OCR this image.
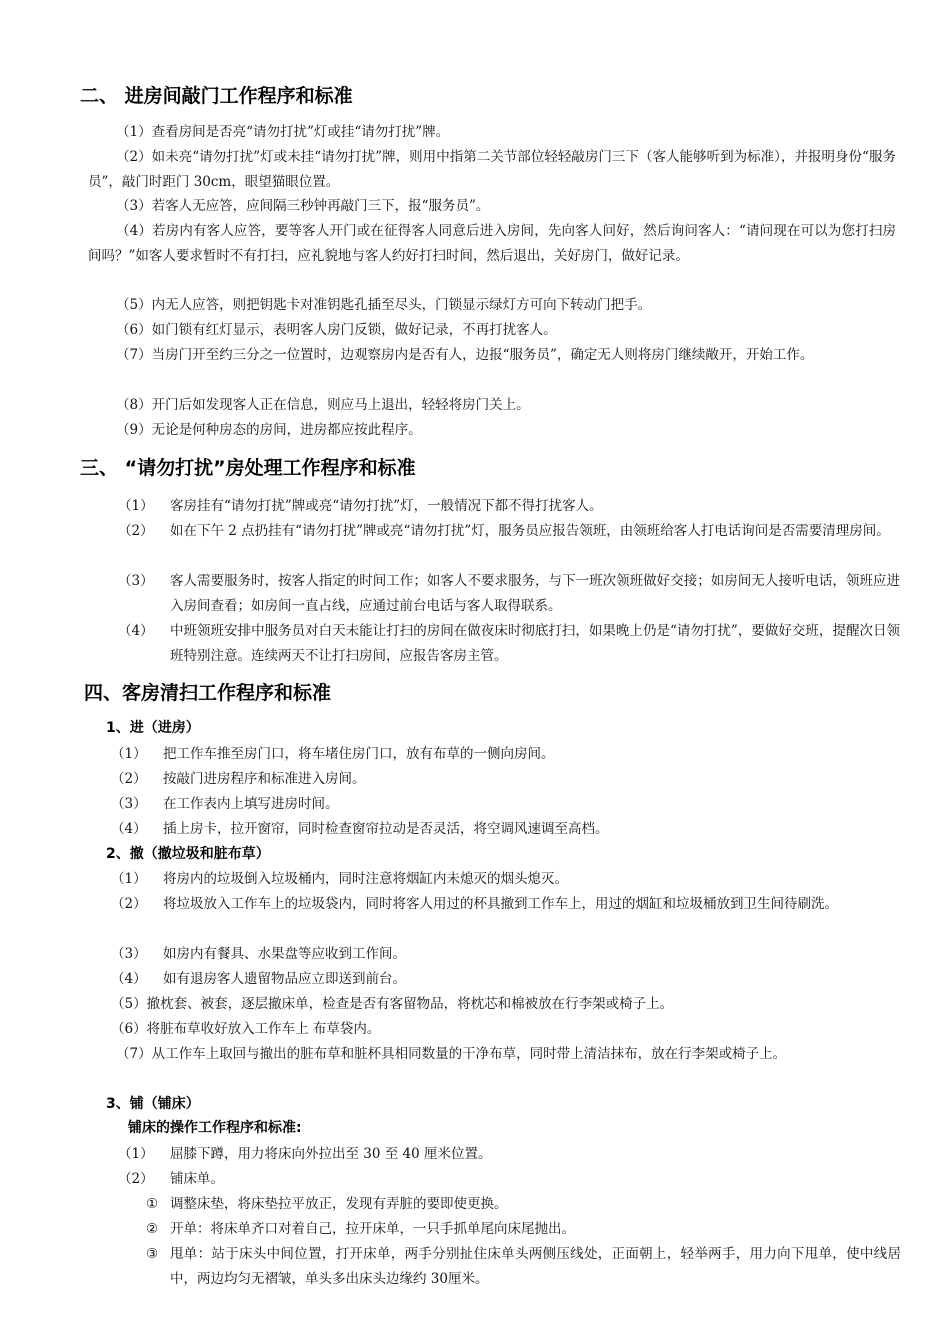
二、 进房间敲门工作程序和标准
（1）查看房间是否亮“请勿打扰”灯或挂“请勿打扰”牌。
（2）如未亮“请勿打扰”灯或未挂“请勿打扰”牌，则用中指第二关节部位轻轻敲房门三下（客人能够听到为标准），并报明身份“服务员”，敲门时距门 30cm，眼望猫眼位置。
（3）若客人无应答，应间隔三秒钟再敲门三下，报“服务员”。
（4）若房内有客人应答，要等客人开门或在征得客人同意后进入房间，先向客人问好，然后询问客人：“请问现在可以为您打扫房间吗？”如客人要求暂时不有打扫，应礼貌地与客人约好打扫时间，然后退出，关好房门，做好记录。
（5）内无人应答，则把钥匙卡对准钥匙孔插至尽头，门锁显示绿灯方可向下转动门把手。
（6）如门锁有红灯显示，表明客人房门反锁，做好记录，不再打扰客人。
（7）当房门开至约三分之一位置时，边观察房内是否有人，边报“服务员”，确定无人则将房门继续敞开，开始工作。
（8）开门后如发现客人正在信息，则应马上退出，轻轻将房门关上。
（9）无论是何种房态的房间，进房都应按此程序。
三、 “请勿打扰”房处理工作程序和标准
（1） 客房挂有“请勿打扰”牌或亮“请勿打扰”灯，一般情况下都不得打扰客人。
（2） 如在下午 2 点扔挂有“请勿打扰”牌或亮“请勿打扰”灯，服务员应报告领班，由领班给客人打电话询问是否需要清理房间。
（3） 客人需要服务时，按客人指定的时间工作；如客人不要求服务，与下一班次领班做好交接；如房间无人接听电话，领班应进入房间查看；如房间一直占线，应通过前台电话与客人取得联系。
（4） 中班领班安排中服务员对白天未能让打扫的房间在做夜床时彻底打扫，如果晚上仍是“请勿打扰”，要做好交班，提醒次日领班特别注意。连续两天不让打扫房间，应报告客房主管。
四、客房清扫工作程序和标准
1、进（进房）
（1） 把工作车推至房门口，将车堵住房门口，放有布草的一侧向房间。
（2） 按敲门进房程序和标准进入房间。
（3） 在工作表内上填写进房时间。
（4） 插上房卡，拉开窗帘，同时检查窗帘拉动是否灵活，将空调风速调至高档。
2、撤（撤垃圾和脏布草）
（1） 将房内的垃圾倒入垃圾桶内，同时注意将烟缸内未熄灭的烟头熄灭。
（2） 将垃圾放入工作车上的垃圾袋内，同时将客人用过的杯具撤到工作车上，用过的烟缸和垃圾桶放到卫生间待刷洗。
（3） 如房内有餐具、水果盘等应收到工作间。
（4） 如有退房客人遗留物品应立即送到前台。
（5）撤枕套、被套，逐层撤床单，检查是否有客留物品，将枕芯和棉被放在行李架或椅子上。
（6）将脏布草收好放入工作车上 布草袋内。
（7）从工作车上取回与撤出的脏布草和脏杯具相同数量的干净布草，同时带上清洁抹布，放在行李架或椅子上。
3、铺（铺床）
铺床的操作工作程序和标准:
（1） 屈膝下蹲，用力将床向外拉出至 30 至 40 厘米位置。
（2） 铺床单。
① 调整床垫，将床垫拉平放正，发现有弄脏的要即使更换。
② 开单：将床单齐口对着自己，拉开床单，一只手抓单尾向床尾抛出。
③ 甩单：站于床头中间位置，打开床单，两手分别扯住床单头两侧压线处，正面朝上，轻举两手，用力向下甩单，使中线居中，两边均匀无褶皱，单头多出床头边缘约 30厘米。
